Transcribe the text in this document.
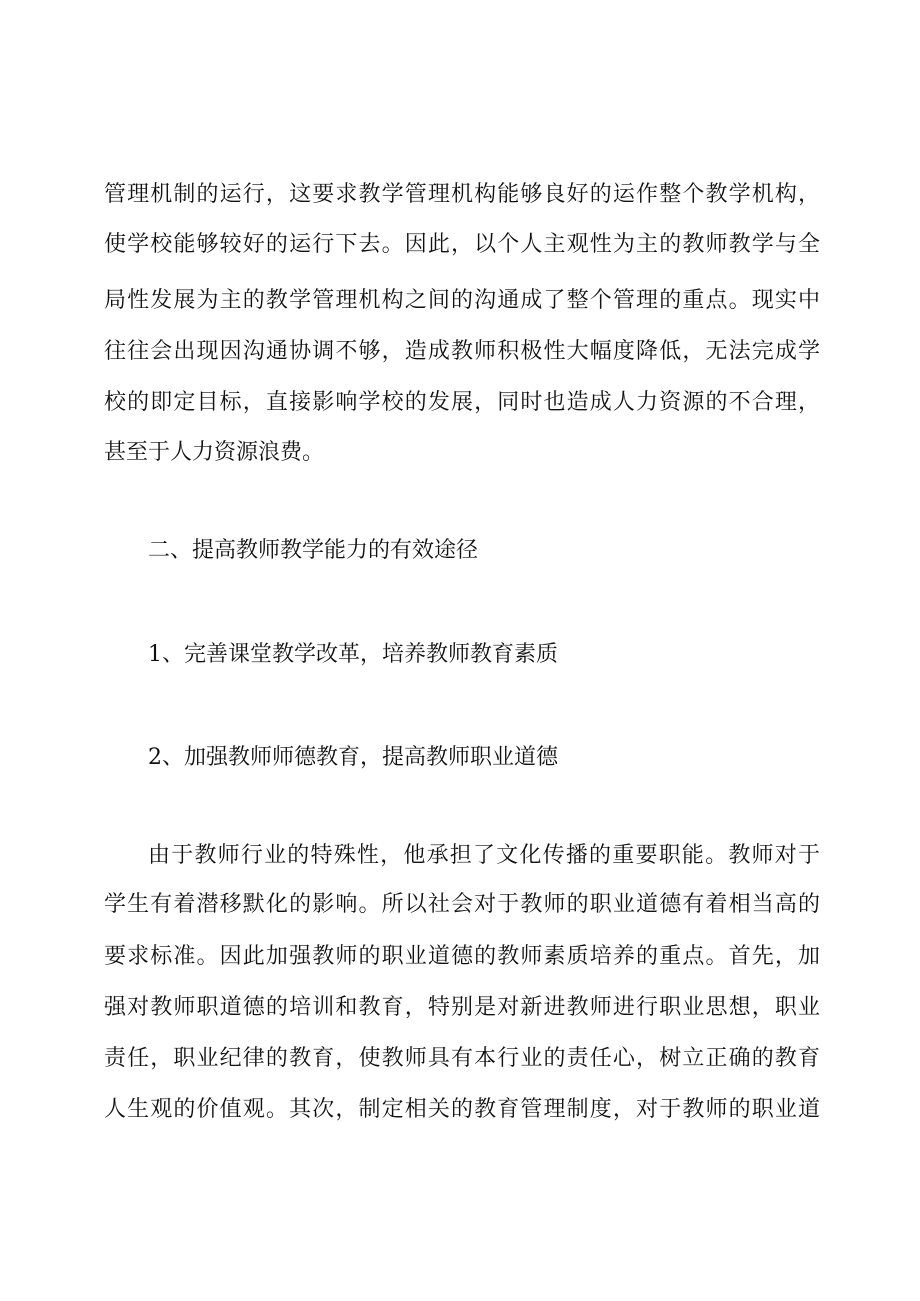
管理机制的运行，这要求教学管理机构能够良好的运作整个教学机构，
使学校能够较好的运行下去。因此，以个人主观性为主的教师教学与全
局性发展为主的教学管理机构之间的沟通成了整个管理的重点。现实中
往往会出现因沟通协调不够，造成教师积极性大幅度降低，无法完成学
校的即定目标，直接影响学校的发展，同时也造成人力资源的不合理，
甚至于人力资源浪费。
二、提高教师教学能力的有效途径
1、完善课堂教学改革，培养教师教育素质
2、加强教师师德教育，提高教师职业道德
由于教师行业的特殊性，他承担了文化传播的重要职能。教师对于
学生有着潜移默化的影响。所以社会对于教师的职业道德有着相当高的
要求标准。因此加强教师的职业道德的教师素质培养的重点。首先，加
强对教师职道德的培训和教育，特别是对新进教师进行职业思想，职业
责任，职业纪律的教育，使教师具有本行业的责任心，树立正确的教育
人生观的价值观。其次，制定相关的教育管理制度，对于教师的职业道
